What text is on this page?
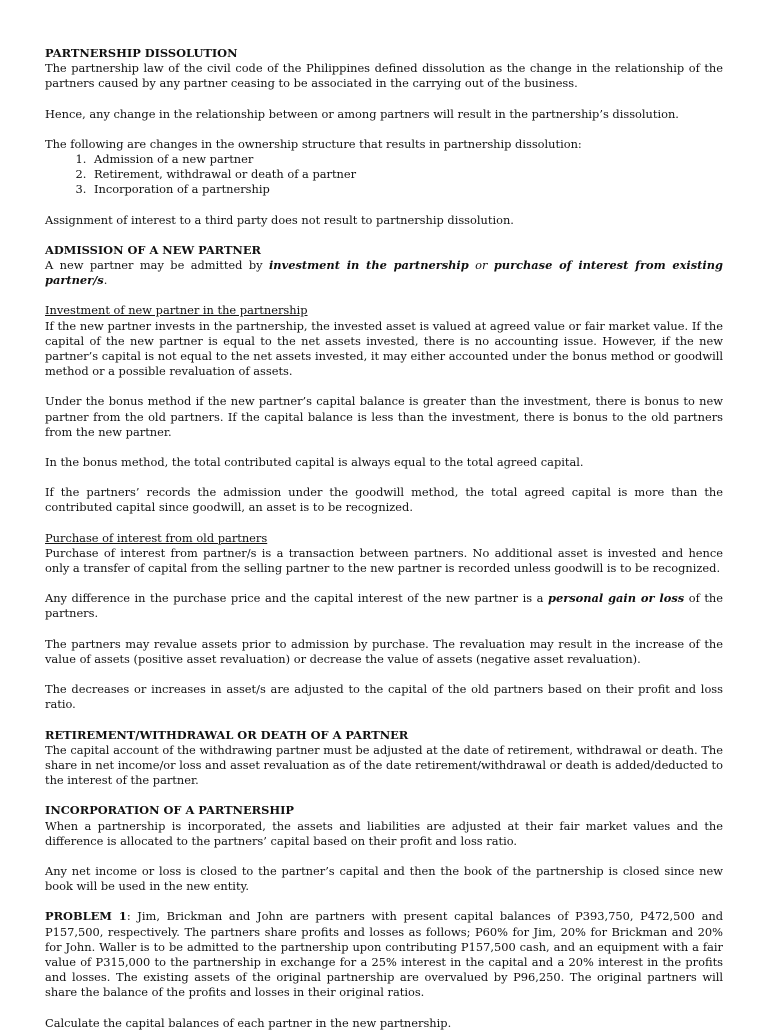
PARTNERSHIP DISSOLUTION

The partnership law of the civil code of the Philippines defined dissolution as the change in the relationship of the partners caused by any partner ceasing to be associated in the carrying out of the business.

Hence, any change in the relationship between or among partners will result in the partnership’s dissolution.

The following are changes in the ownership structure that results in partnership dissolution:

1. Admission of a new partner
2. Retirement, withdrawal or death of a partner
3. Incorporation of a partnership

Assignment of interest to a third party does not result to partnership dissolution.

ADMISSION OF A NEW PARTNER

A new partner may be admitted by investment in the partnership or purchase of interest from existing partner/s.

Investment of new partner in the partnership

If the new partner invests in the partnership, the invested asset is valued at agreed value or fair market value. If the capital of the new partner is equal to the net assets invested, there is no accounting issue. However, if the new partner’s capital is not equal to the net assets invested, it may either accounted under the bonus method or goodwill method or a possible revaluation of assets.

Under the bonus method if the new partner’s capital balance is greater than the investment, there is bonus to new partner from the old partners. If the capital balance is less than the investment, there is bonus to the old partners from the new partner.

In the bonus method, the total contributed capital is always equal to the total agreed capital.

If the partners’ records the admission under the goodwill method, the total agreed capital is more than the contributed capital since goodwill, an asset is to be recognized.

Purchase of interest from old partners

Purchase of interest from partner/s is a transaction between partners. No additional asset is invested and hence only a transfer of capital from the selling partner to the new partner is recorded unless goodwill is to be recognized.

Any difference in the purchase price and the capital interest of the new partner is a personal gain or loss of the partners.

The partners may revalue assets prior to admission by purchase. The revaluation may result in the increase of the value of assets (positive asset revaluation) or decrease the value of assets (negative asset revaluation).

The decreases or increases in asset/s are adjusted to the capital of the old partners based on their profit and loss ratio.

RETIREMENT/WITHDRAWAL OR DEATH OF A PARTNER

The capital account of the withdrawing partner must be adjusted at the date of retirement, withdrawal or death. The share in net income/or loss and asset revaluation as of the date retirement/withdrawal or death is added/deducted to the interest of the partner.

INCORPORATION OF A PARTNERSHIP

When a partnership is incorporated, the assets and liabilities are adjusted at their fair market values and the difference is allocated to the partners’ capital based on their profit and loss ratio.

Any net income or loss is closed to the partner’s capital and then the book of the partnership is closed since new book will be used in the new entity.

PROBLEM 1: Jim, Brickman and John are partners with present capital balances of P393,750, P472,500 and P157,500, respectively. The partners share profits and losses as follows; P60% for Jim, 20% for Brickman and 20% for John. Waller is to be admitted to the partnership upon contributing P157,500 cash, and an equipment with a fair value of P315,000 to the partnership in exchange for a 25% interest in the capital and a 20% interest in the profits and losses. The existing assets of the original partnership are overvalued by P96,250. The original partners will share the balance of the profits and losses in their original ratios.

Calculate the capital balances of each partner in the new partnership.
